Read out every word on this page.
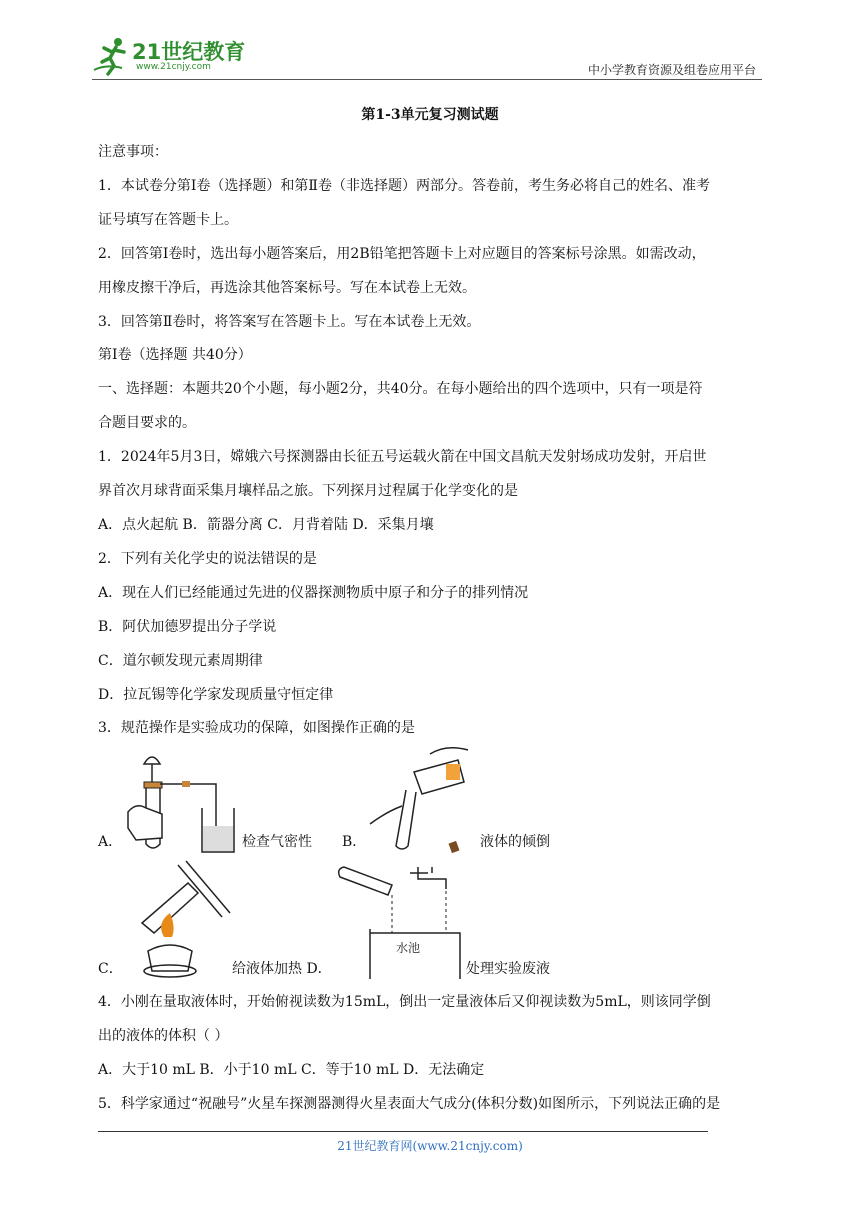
21世纪教育
www.21cnjy.com	中小学教育资源及组卷应用平台
第1-3单元复习测试题

注意事项：

1．本试卷分第Ⅰ卷（选择题）和第Ⅱ卷（非选择题）两部分。答卷前，考生务必将自己的姓名、准考

证号填写在答题卡上。

2．回答第Ⅰ卷时，选出每小题答案后，用2B铅笔把答题卡上对应题目的答案标号涂黑。如需改动，

用橡皮擦干净后，再选涂其他答案标号。写在本试卷上无效。

3．回答第Ⅱ卷时，将答案写在答题卡上。写在本试卷上无效。

第Ⅰ卷（选择题 共40分）

一、选择题：本题共20个小题，每小题2分，共40分。在每小题给出的四个选项中，只有一项是符

合题目要求的。

1．2024年5月3日，嫦娥六号探测器由长征五号运载火箭在中国文昌航天发射场成功发射，开启世

界首次月球背面采集月壤样品之旅。下列探月过程属于化学变化的是

A．点火起航 B．箭器分离 C．月背着陆 D．采集月壤

2．下列有关化学史的说法错误的是

A．现在人们已经能通过先进的仪器探测物质中原子和分子的排列情况

B．阿伏加德罗提出分子学说

C．道尔顿发现元素周期律

D．拉瓦锡等化学家发现质量守恒定律

3．规范操作是实验成功的保障，如图操作正确的是

A．	检查气密性 B．	液体的倾倒
C．	给液体加热 D．
水池
处理实验废液

4．小刚在量取液体时，开始俯视读数为15mL，倒出一定量液体后又仰视读数为5mL，则该同学倒

出的液体的体积（ ）

A．大于10 mL B．小于10 mL C．等于10 mL D．无法确定

5．科学家通过“祝融号”火星车探测器测得火星表面大气成分(体积分数)如图所示，下列说法正确的是

21世纪教育网(www.21cnjy.com)
